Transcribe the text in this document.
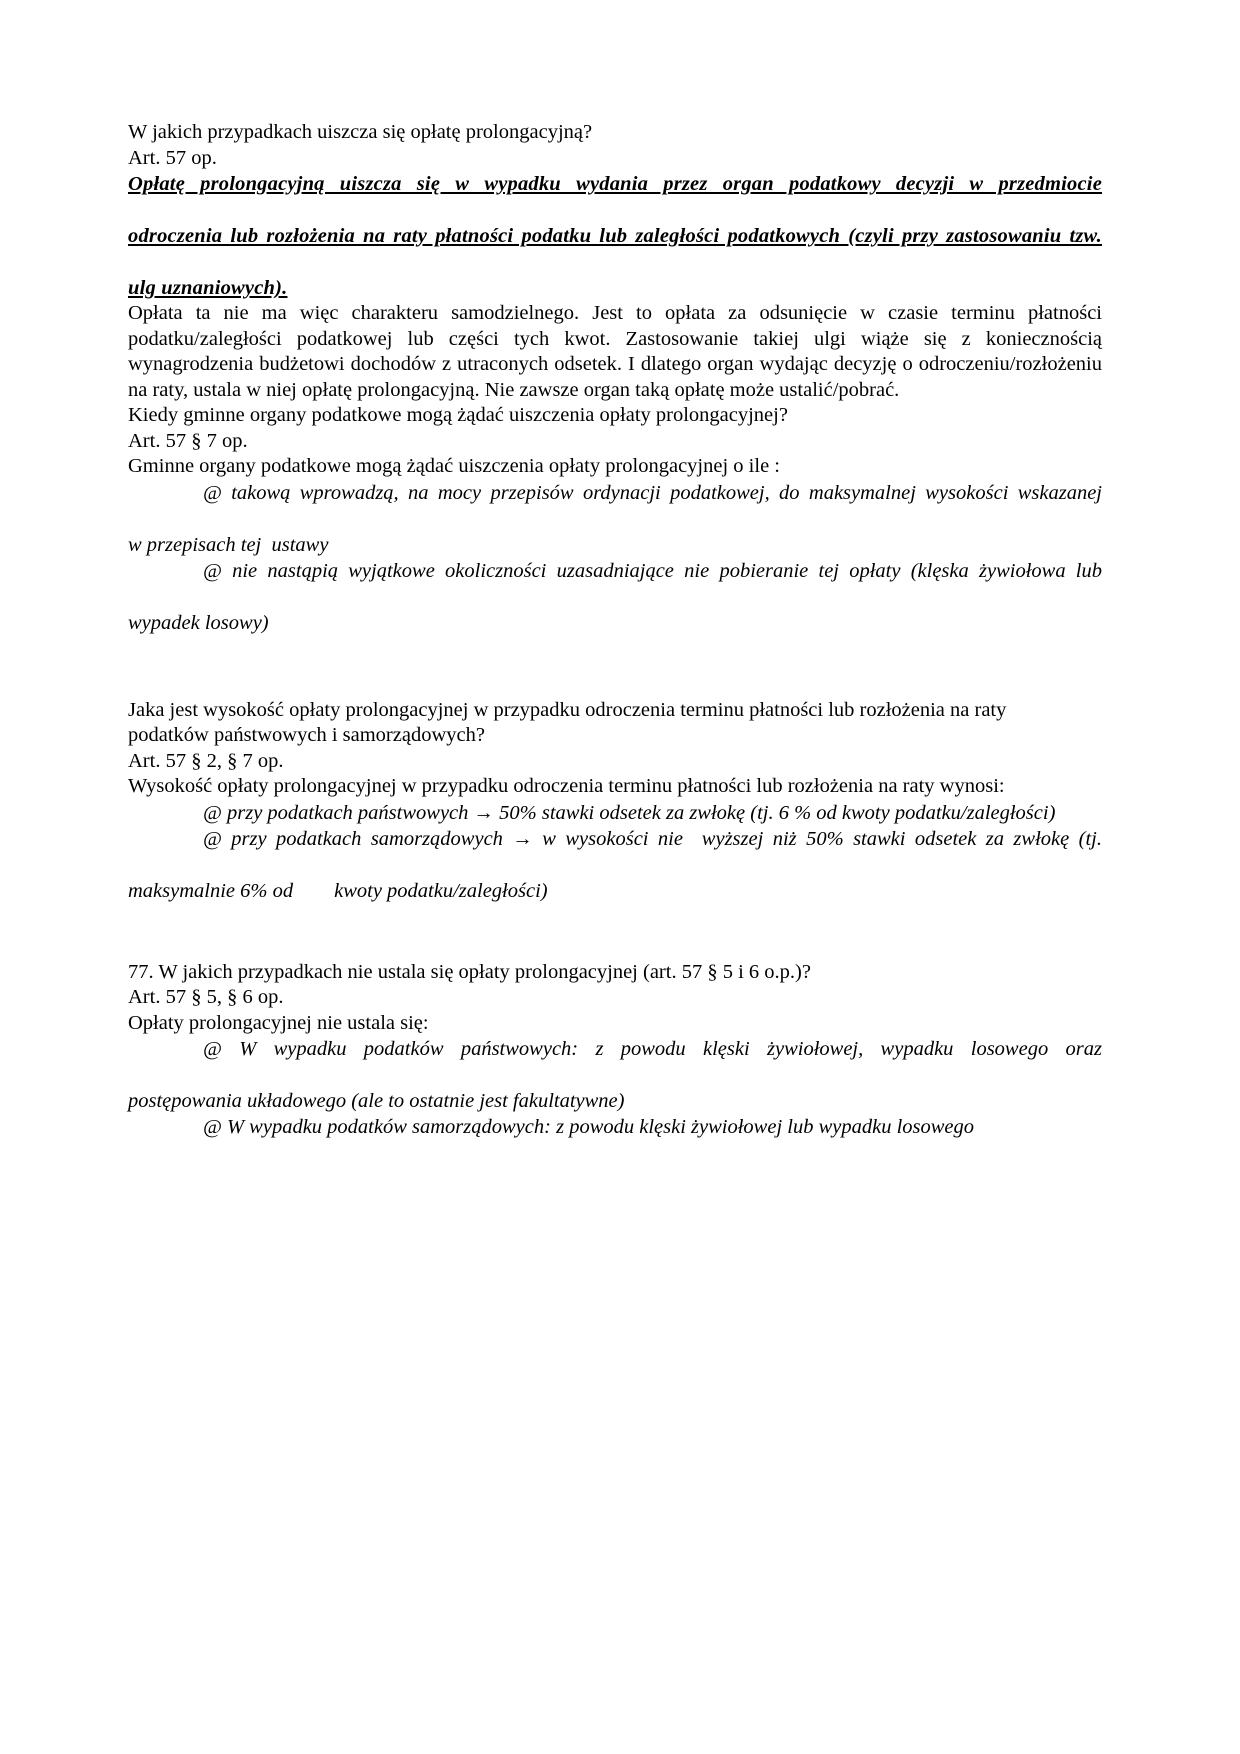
W jakich przypadkach uiszcza się opłatę prolongacyjną?
Art. 57 op.

Opłatę prolongacyjną uiszcza się w wypadku wydania przez organ podatkowy decyzji w przedmiocie

odroczenia lub rozłożenia na raty płatności podatku lub zaległości podatkowych (czyli przy zastosowaniu tzw.

ulg uznaniowych).

Opłata ta nie ma więc charakteru samodzielnego. Jest to opłata za odsunięcie w czasie terminu płatności podatku/zaległości podatkowej lub części tych kwot. Zastosowanie takiej ulgi wiąże się z koniecznością wynagrodzenia budżetowi dochodów z utraconych odsetek. I dlatego organ wydając decyzję o odroczeniu/rozłożeniu na raty, ustala w niej opłatę prolongacyjną. Nie zawsze organ taką opłatę może ustalić/pobrać.

Kiedy gminne organy podatkowe mogą żądać uiszczenia opłaty prolongacyjnej?
Art. 57 § 7 op.
Gminne organy podatkowe mogą żądać uiszczenia opłaty prolongacyjnej o ile :

@ takową wprowadzą, na mocy przepisów ordynacji podatkowej, do maksymalnej wysokości wskazanej

w przepisach tej  ustawy

@ nie nastąpią wyjątkowe okoliczności uzasadniające nie pobieranie tej opłaty (klęska żywiołowa lub

wypadek losowy)

Jaka jest wysokość opłaty prolongacyjnej w przypadku odroczenia terminu płatności lub rozłożenia na raty
podatków państwowych i samorządowych?
Art. 57 § 2, § 7 op.
Wysokość opłaty prolongacyjnej w przypadku odroczenia terminu płatności lub rozłożenia na raty wynosi:

@ przy podatkach państwowych → 50% stawki odsetek za zwłokę (tj. 6 % od kwoty podatku/zaległości)

@ przy podatkach samorządowych → w wysokości nie  wyższej niż 50% stawki odsetek za zwłokę (tj.

maksymalnie 6% od        kwoty podatku/zaległości)

77. W jakich przypadkach nie ustala się opłaty prolongacyjnej (art. 57 § 5 i 6 o.p.)?
Art. 57 § 5, § 6 op.
Opłaty prolongacyjnej nie ustala się:

@ W wypadku podatków państwowych: z powodu klęski żywiołowej, wypadku losowego oraz

postępowania układowego (ale to ostatnie jest fakultatywne)

@ W wypadku podatków samorządowych: z powodu klęski żywiołowej lub wypadku losowego
